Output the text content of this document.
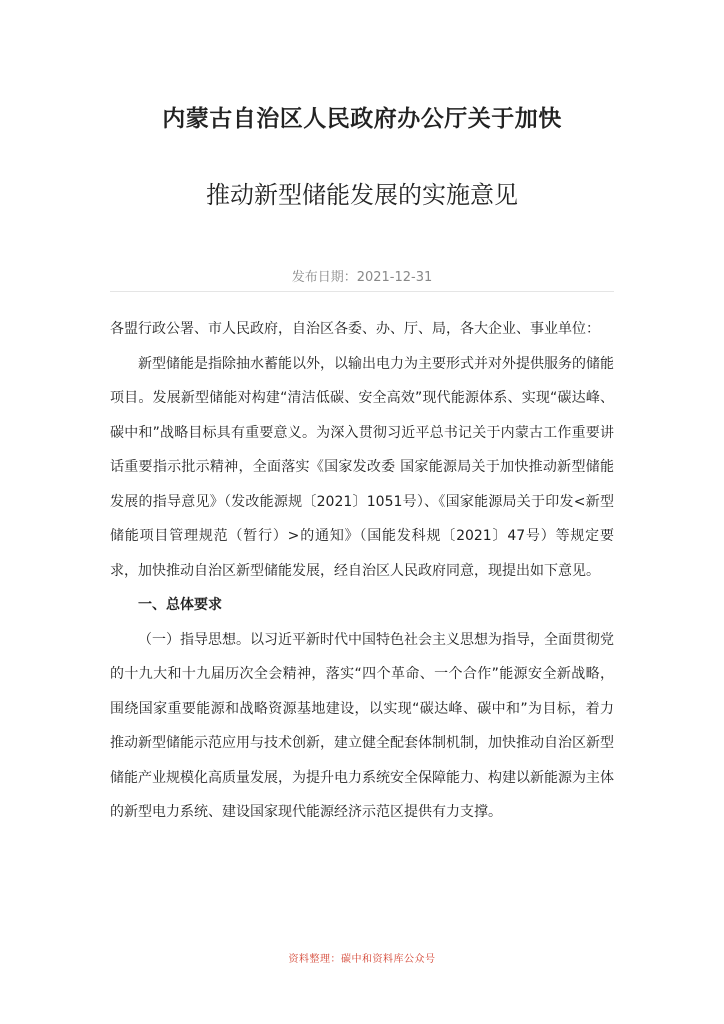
内蒙古自治区人民政府办公厅关于加快
推动新型储能发展的实施意见
发布日期：2021-12-31

各盟行政公署、市人民政府，自治区各委、办、厅、局，各大企业、事业单位：

新型储能是指除抽水蓄能以外，以输出电力为主要形式并对外提供服务的储能项目。发展新型储能对构建“清洁低碳、安全高效”现代能源体系、实现“碳达峰、碳中和”战略目标具有重要意义。为深入贯彻习近平总书记关于内蒙古工作重要讲话重要指示批示精神，全面落实《国家发改委 国家能源局关于加快推动新型储能发展的指导意见》（发改能源规〔2021〕1051号）、《国家能源局关于印发<新型储能项目管理规范（暂行）>的通知》（国能发科规〔2021〕47号）等规定要求，加快推动自治区新型储能发展，经自治区人民政府同意，现提出如下意见。

一、总体要求

（一）指导思想。以习近平新时代中国特色社会主义思想为指导，全面贯彻党的十九大和十九届历次全会精神，落实“四个革命、一个合作”能源安全新战略，围绕国家重要能源和战略资源基地建设，以实现“碳达峰、碳中和”为目标，着力推动新型储能示范应用与技术创新，建立健全配套体制机制，加快推动自治区新型储能产业规模化高质量发展，为提升电力系统安全保障能力、构建以新能源为主体的新型电力系统、建设国家现代能源经济示范区提供有力支撑。

资料整理：碳中和资料库公众号
